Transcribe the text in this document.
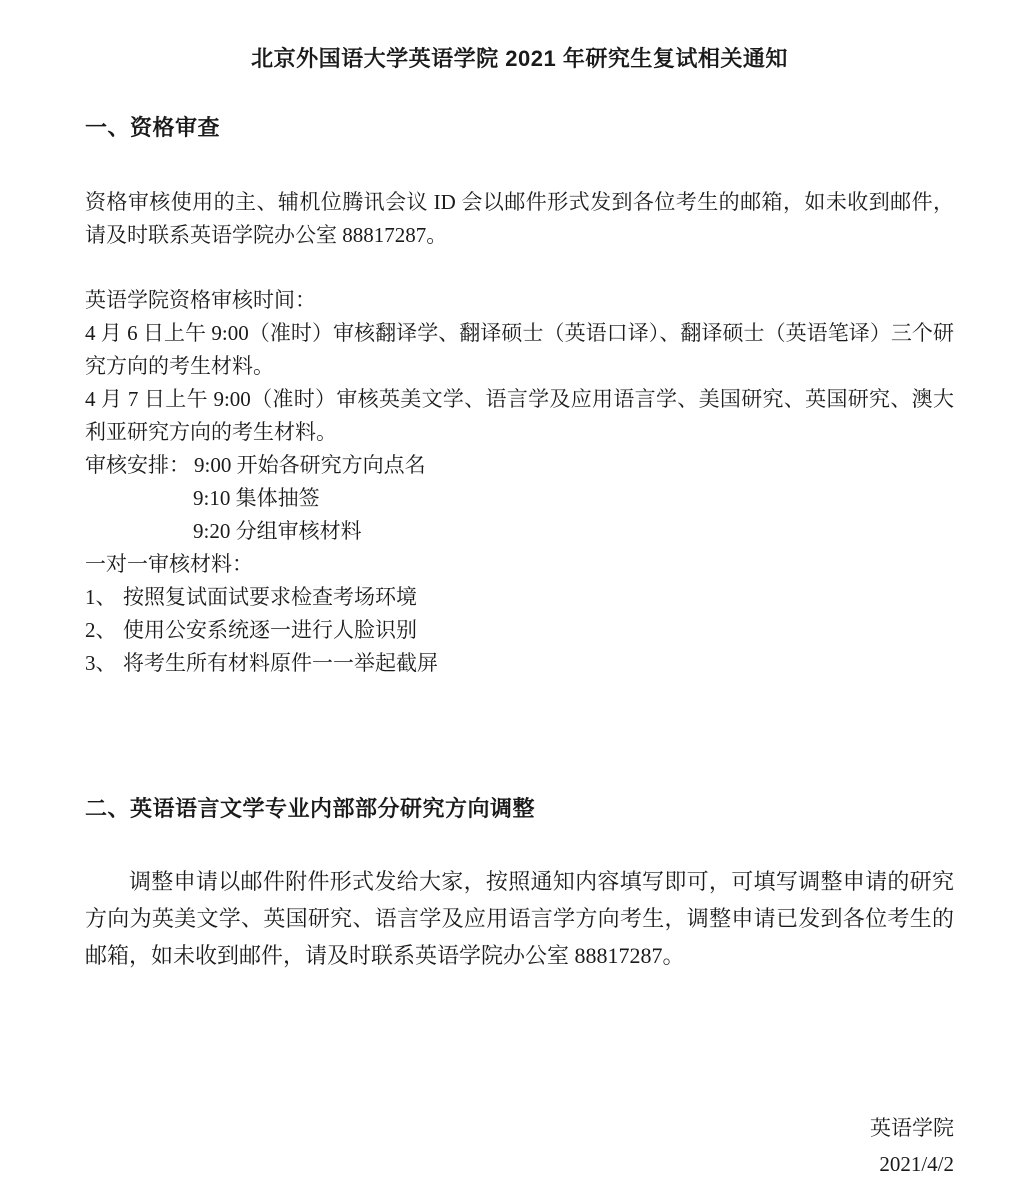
北京外国语大学英语学院 2021 年研究生复试相关通知
一、资格审查

资格审核使用的主、辅机位腾讯会议 ID 会以邮件形式发到各位考生的邮箱，如未收到邮件，请及时联系英语学院办公室 88817287。

英语学院资格审核时间：

4 月 6 日上午 9:00（准时）审核翻译学、翻译硕士（英语口译）、翻译硕士（英语笔译）三个研究方向的考生材料。

4 月 7 日上午 9:00（准时）审核英美文学、语言学及应用语言学、美国研究、英国研究、澳大利亚研究方向的考生材料。

审核安排： 9:00 开始各研究方向点名

9:10 集体抽签

9:20 分组审核材料

一对一审核材料：

1、 按照复试面试要求检查考场环境

2、 使用公安系统逐一进行人脸识别

3、 将考生所有材料原件一一举起截屏

二、英语语言文学专业内部部分研究方向调整

调整申请以邮件附件形式发给大家，按照通知内容填写即可，可填写调整申请的研究方向为英美文学、英国研究、语言学及应用语言学方向考生，调整申请已发到各位考生的邮箱，如未收到邮件，请及时联系英语学院办公室 88817287。

英语学院

2021/4/2
